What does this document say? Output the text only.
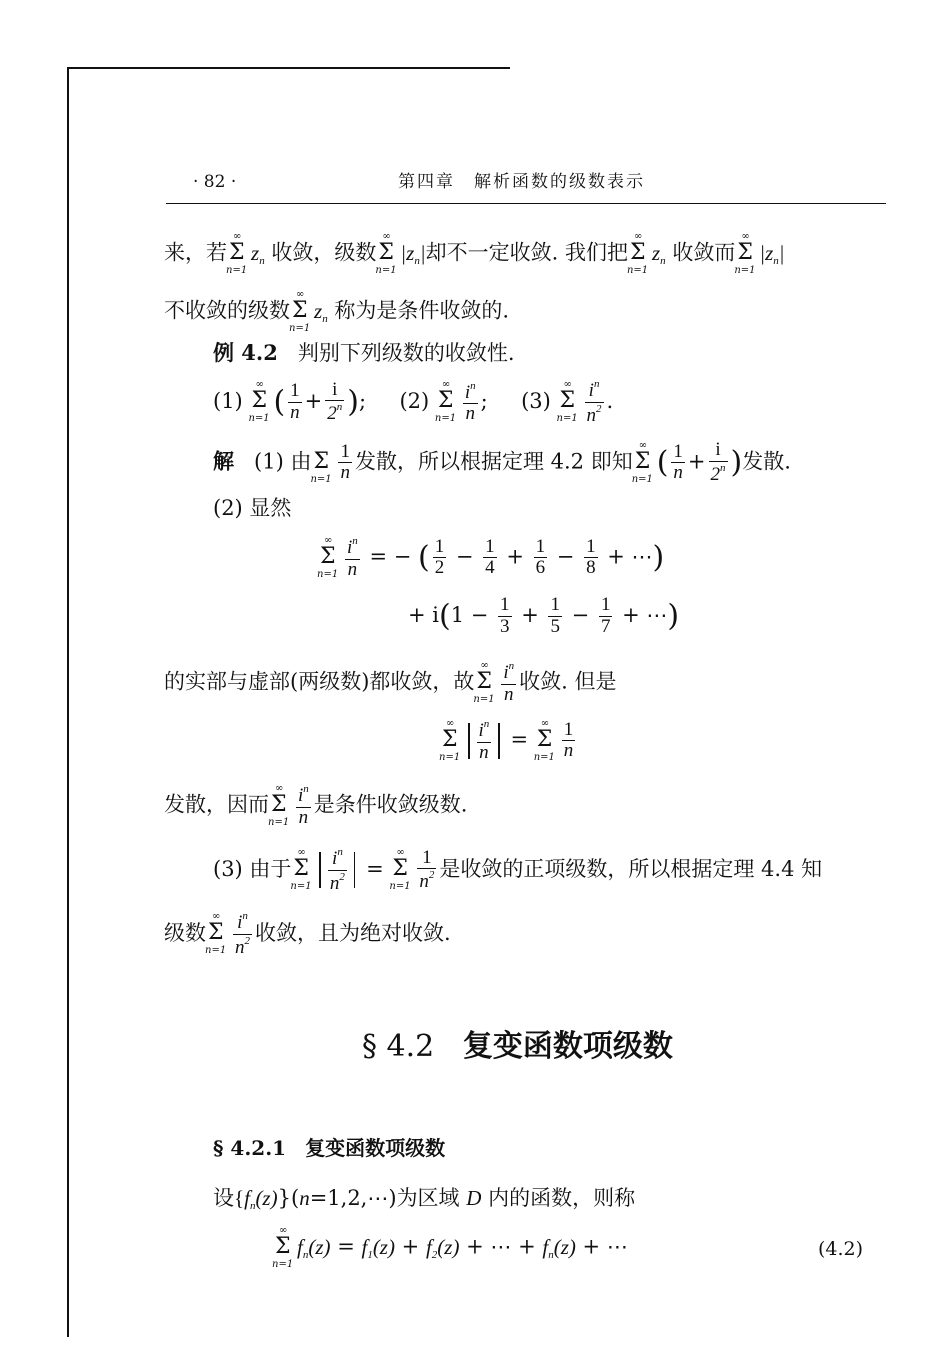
· 82 ·	第四章　解析函数的级数表示
来，若
∞
Σ
n=1
$z_n$ 收敛，级数
∞
Σ
n=1
$|z_n|$却不一定收敛. 我们把
∞
Σ
n=1
$z_n$ 收敛而
∞
Σ
n=1
$|z_n|$
不收敛的级数
∞
Σ
n=1
$z_n$ 称为是条件收敛的.
例 4.2 判别下列级数的收敛性.
(1)
∞
Σ
n=1 ( $\frac{1}{n} + \frac{i}{2^n}$ );     (2)
∞
Σ
$n=1 \frac{i^n}{n}$ ;     (3)
∞
Σ
$n=1 \frac{i^n}{n^2}$ .
解 (1) 由 Σ
$n=1 \frac{1}{n}$ 发散，所以根据定理 4.2 即知
∞
Σ
n=1 ( $\frac{1}{n} + \frac{i}{2^n}$ )发散.
(2) 显然
∞
Σ
$n=1 \frac{i^n}{n}$ = − ( $\frac{1}{2} - \frac{1}{4} + \frac{1}{6} - \frac{1}{8}$ + ⋯)
+ $i(1 - \frac{1}{3} + \frac{1}{5} - \frac{1}{7}$ + ⋯)
的实部与虚部(两级数)都收敛，故
∞
Σ
$n=1 \frac{i^n}{n}$ 收敛. 但是
∞
Σ
$n=1 \frac{i^n}{n}$ =
∞
Σ
$n=1 \frac{1}{n}$
发散，因而
∞
Σ
$n=1 \frac{i^n}{n}$ 是条件收敛级数.
(3) 由于
∞
Σ
$n=1 \frac{i^n}{n^2}$ =
∞
Σ
$n=1 \frac{1}{n^2}$ 是收敛的正项级数，所以根据定理 4.4 知
级数
∞
Σ
$n=1 \frac{i^n}{n^2}$ 收敛，且为绝对收敛.
§ 4.2 复变函数项级数
§ 4.2.1 复变函数项级数
设$\{f_n(z)\}(n=1,2,\cdots)$为区域 D 内的函数，则称
∞
Σ
n=1
$f_n(z) = f_1(z) + f_2(z)$ + ⋯ + $f_n(z)$ + ⋯	(4.2)
